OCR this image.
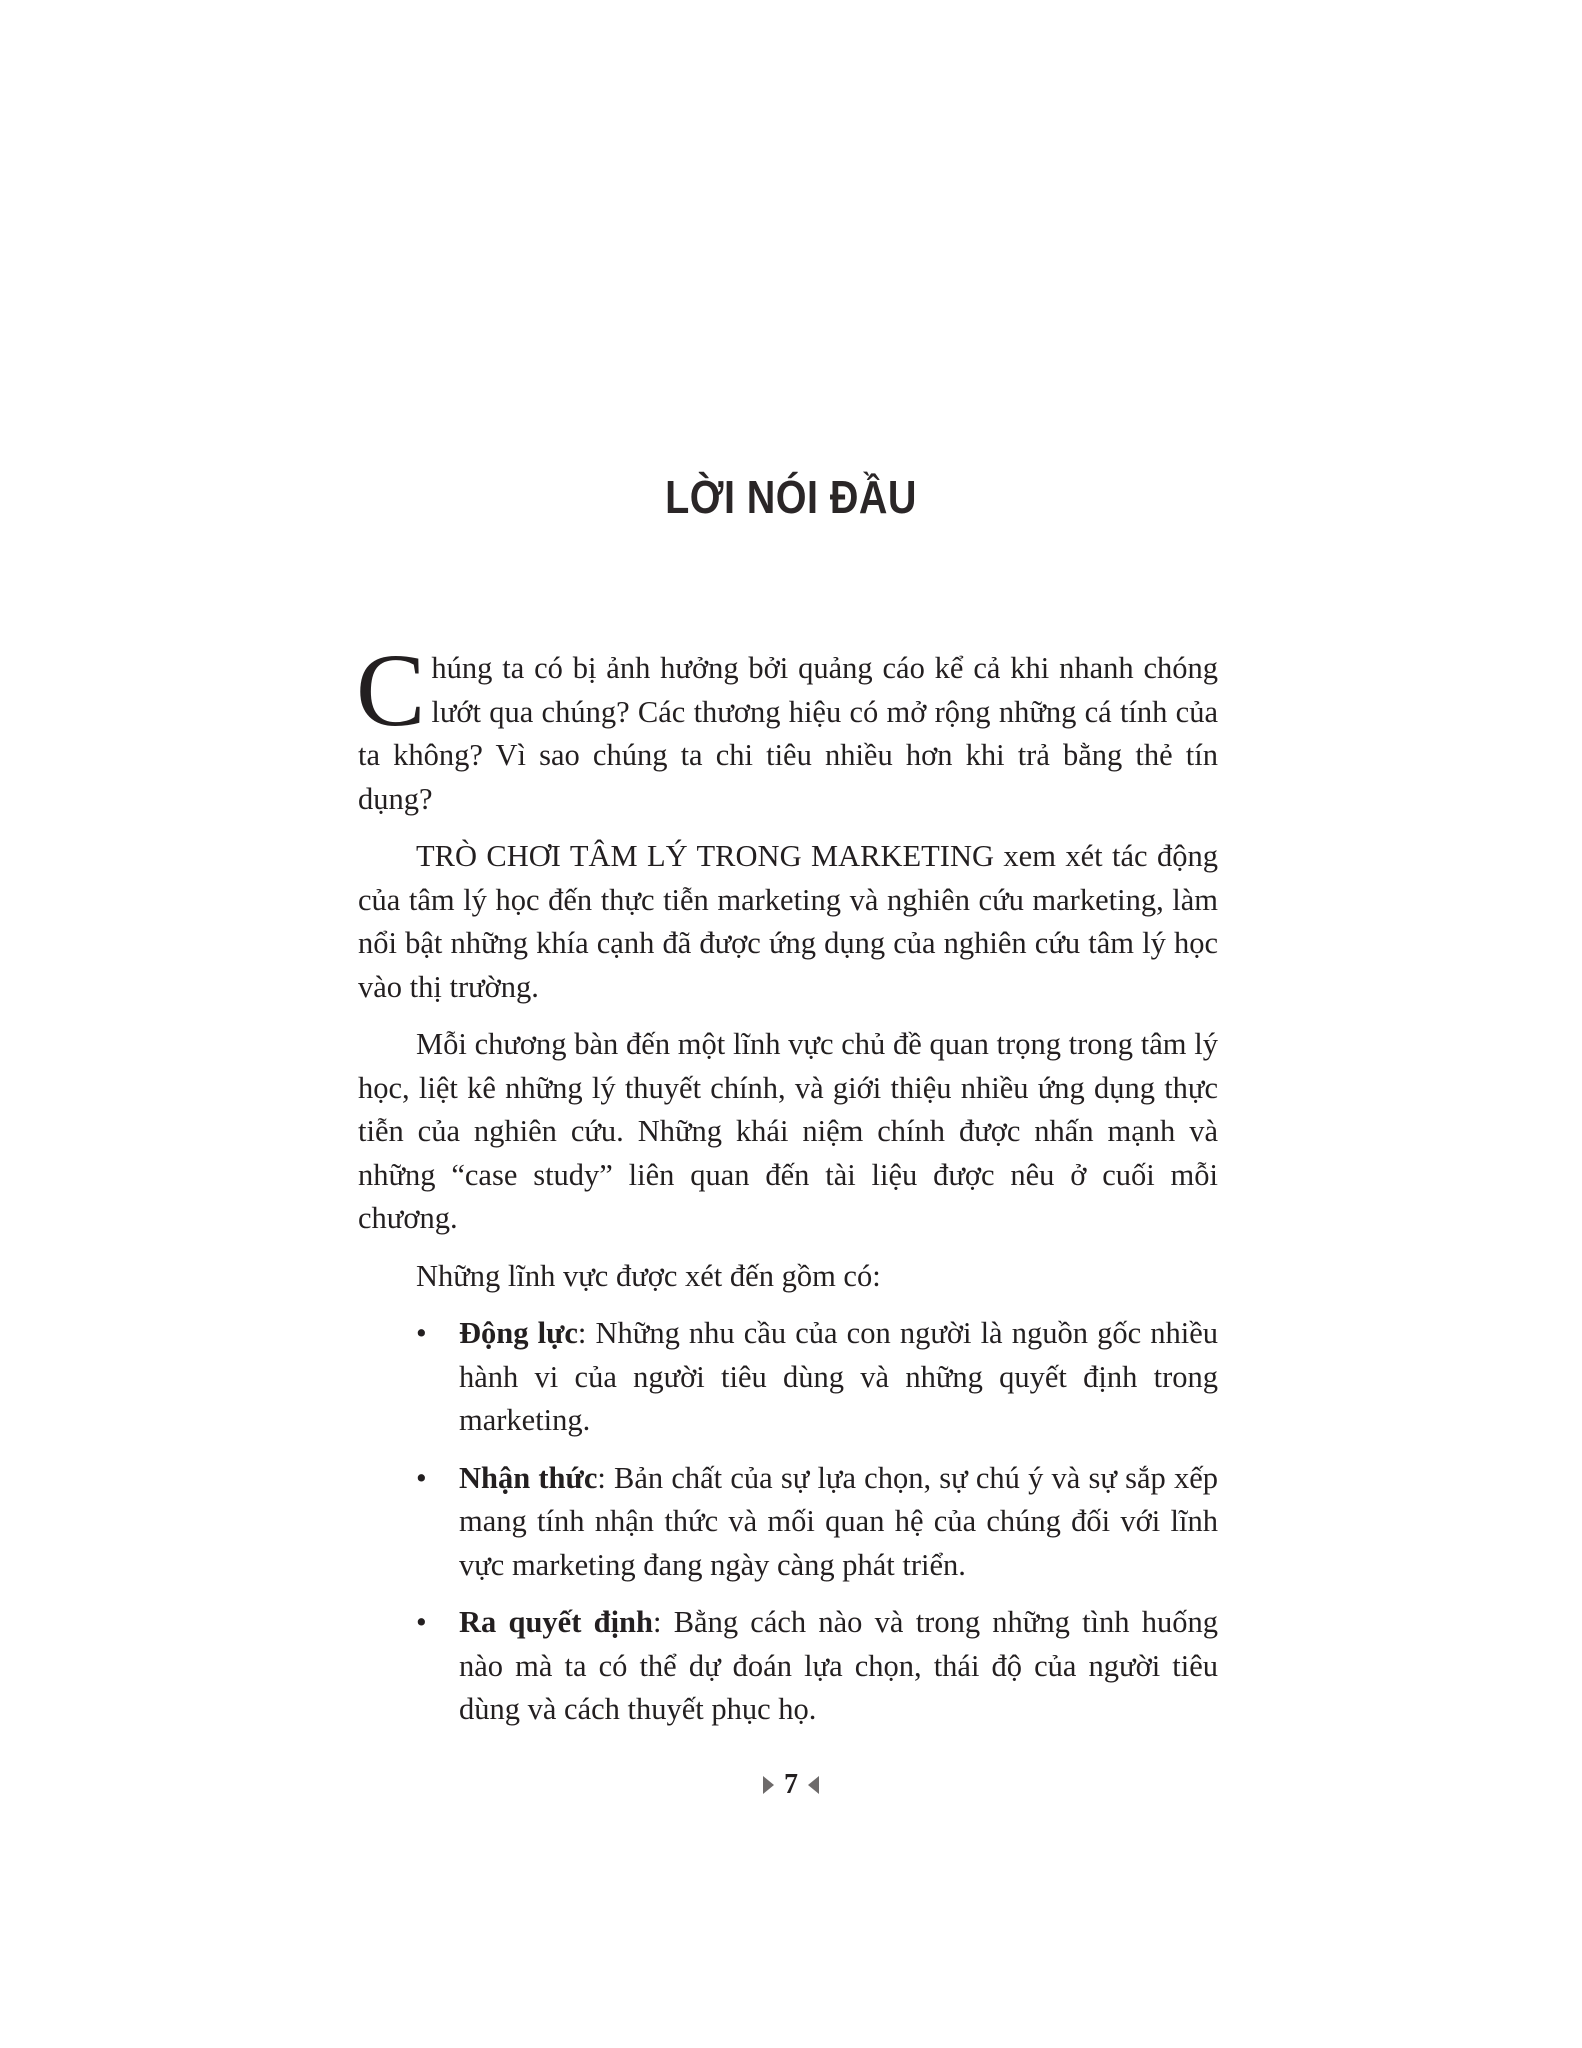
LỜI NÓI ĐẦU

Chúng ta có bị ảnh hưởng bởi quảng cáo kể cả khi nhanh chóng lướt qua chúng? Các thương hiệu có mở rộng những cá tính của ta không? Vì sao chúng ta chi tiêu nhiều hơn khi trả bằng thẻ tín dụng?

TRÒ CHƠI TÂM LÝ TRONG MARKETING xem xét tác động của tâm lý học đến thực tiễn marketing và nghiên cứu marketing, làm nổi bật những khía cạnh đã được ứng dụng của nghiên cứu tâm lý học vào thị trường.

Mỗi chương bàn đến một lĩnh vực chủ đề quan trọng trong tâm lý học, liệt kê những lý thuyết chính, và giới thiệu nhiều ứng dụng thực tiễn của nghiên cứu. Những khái niệm chính được nhấn mạnh và những “case study” liên quan đến tài liệu được nêu ở cuối mỗi chương.

Những lĩnh vực được xét đến gồm có:

• Động lực: Những nhu cầu của con người là nguồn gốc nhiều hành vi của người tiêu dùng và những quyết định trong marketing.
• Nhận thức: Bản chất của sự lựa chọn, sự chú ý và sự sắp xếp mang tính nhận thức và mối quan hệ của chúng đối với lĩnh vực marketing đang ngày càng phát triển.
• Ra quyết định: Bằng cách nào và trong những tình huống nào mà ta có thể dự đoán lựa chọn, thái độ của người tiêu dùng và cách thuyết phục họ.
7
